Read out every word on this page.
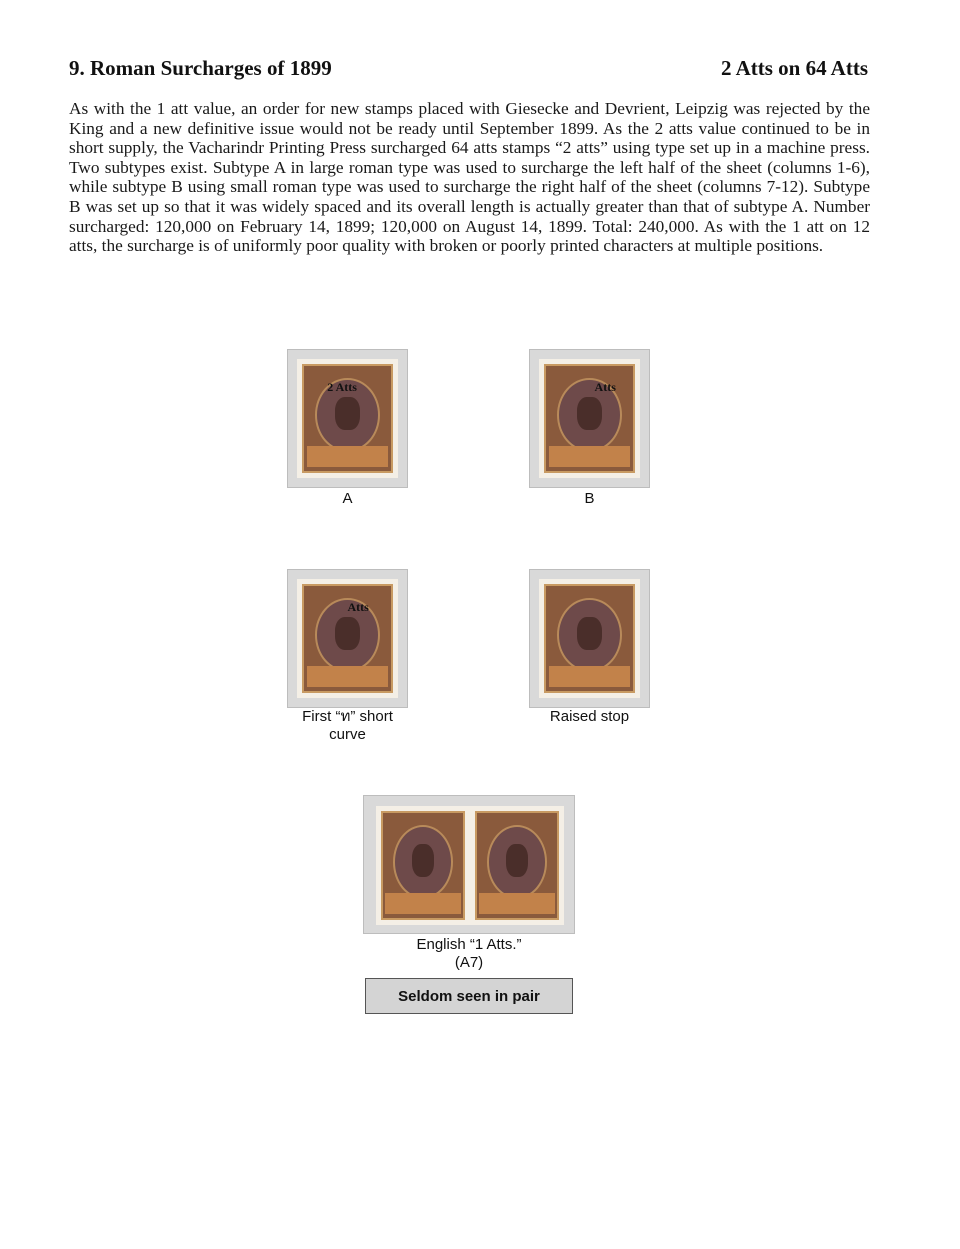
9. Roman Surcharges of 1899	2 Atts on 64 Atts

As with the 1 att value, an order for new stamps placed with Giesecke and Devrient, Leipzig was rejected by the King and a new definitive issue would not be ready until September 1899. As the 2 atts value continued to be in short supply, the Vacharindr Printing Press surcharged 64 atts stamps “2 atts” using type set up in a machine press. Two subtypes exist. Subtype A in large roman type was used to surcharge the left half of the sheet (columns 1-6), while subtype B using small roman type was used to surcharge the right half of the sheet (columns 7-12). Subtype B was set up so that it was widely spaced and its overall length is actually greater than that of subtype A. Number surcharged: 120,000 on February 14, 1899; 120,000 on August 14, 1899. Total: 240,000. As with the 1 att on 12 atts, the surcharge is of uniformly poor quality with broken or poorly printed characters at multiple positions.

2 Atts
A
Atts
B
Atts
First “ท” short
curve
Raised stop
English “1 Atts.”
(A7)
Seldom seen in pair
